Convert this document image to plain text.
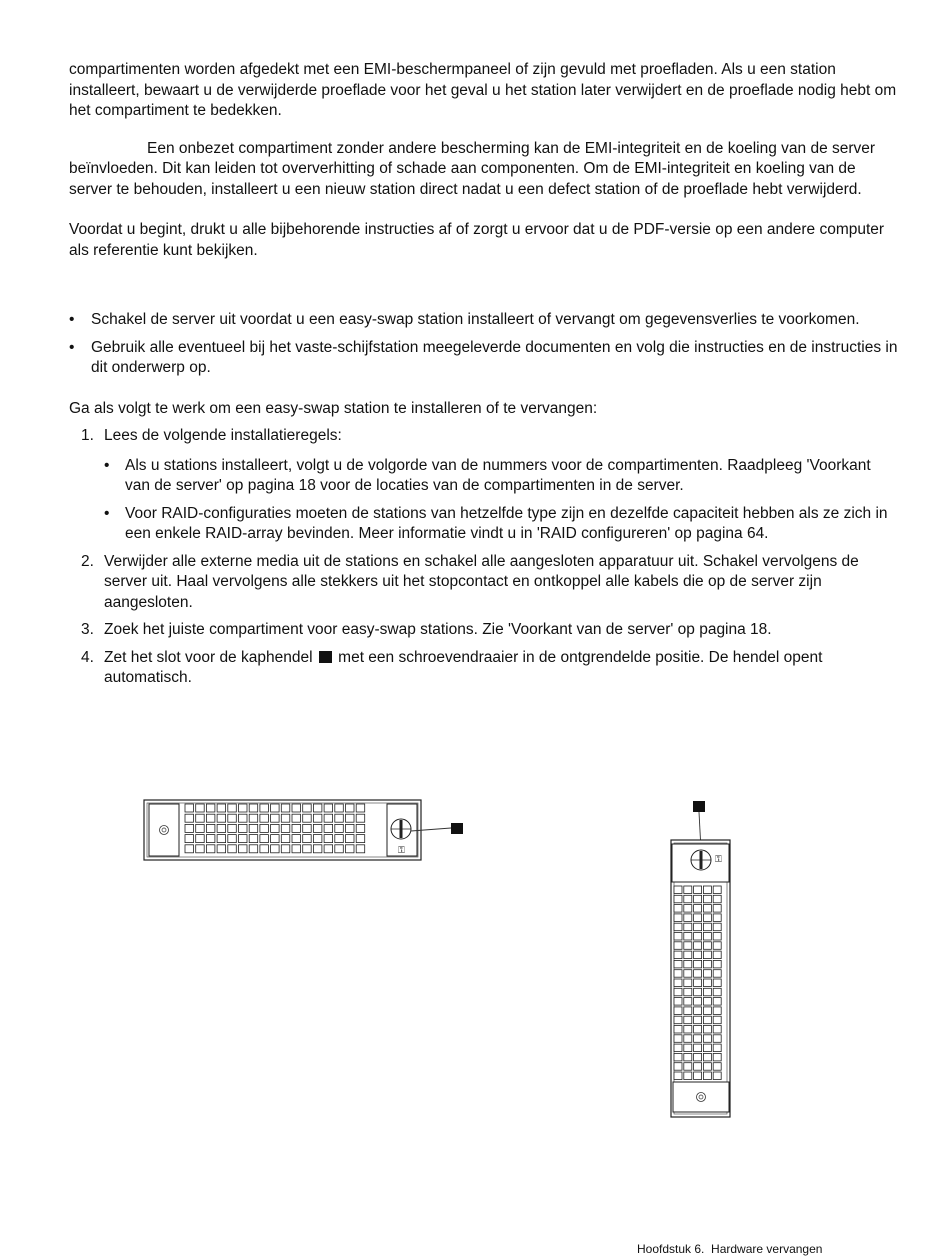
compartimenten worden afgedekt met een EMI-beschermpaneel of zijn gevuld met proefladen. Als u een station installeert, bewaart u de verwijderde proeflade voor het geval u het station later verwijdert en de proeflade nodig hebt om het compartiment te bedekken.

Een onbezet compartiment zonder andere bescherming kan de EMI-integriteit en de koeling van de server beïnvloeden. Dit kan leiden tot oververhitting of schade aan componenten. Om de EMI-integriteit en koeling van de server te behouden, installeert u een nieuw station direct nadat u een defect station of de proeflade hebt verwijderd.

Voordat u begint, drukt u alle bijbehorende instructies af of zorgt u ervoor dat u de PDF-versie op een andere computer als referentie kunt bekijken.

• Schakel de server uit voordat u een easy-swap station installeert of vervangt om gegevensverlies te voorkomen.
• Gebruik alle eventueel bij het vaste-schijfstation meegeleverde documenten en volg die instructies en de instructies in dit onderwerp op.

Ga als volgt te werk om een easy-swap station te installeren of te vervangen:

1. Lees de volgende installatieregels:
• Als u stations installeert, volgt u de volgorde van de nummers voor de compartimenten. Raadpleeg 'Voorkant van de server' op pagina 18 voor de locaties van de compartimenten in de server.
• Voor RAID-configuraties moeten de stations van hetzelfde type zijn en dezelfde capaciteit hebben als ze zich in een enkele RAID-array bevinden. Meer informatie vindt u in 'RAID configureren' op pagina 64.
2. Verwijder alle externe media uit de stations en schakel alle aangesloten apparatuur uit. Schakel vervolgens de server uit. Haal vervolgens alle stekkers uit het stopcontact en ontkoppel alle kabels die op de server zijn aangesloten.
3. Zoek het juiste compartiment voor easy-swap stations. Zie 'Voorkant van de server' op pagina 18.
4. Zet het slot voor de kaphendel met een schroevendraaier in de ontgrendelde positie. De hendel opent automatisch.
⚿
⚿
Hoofdstuk 6. Hardware vervangen
